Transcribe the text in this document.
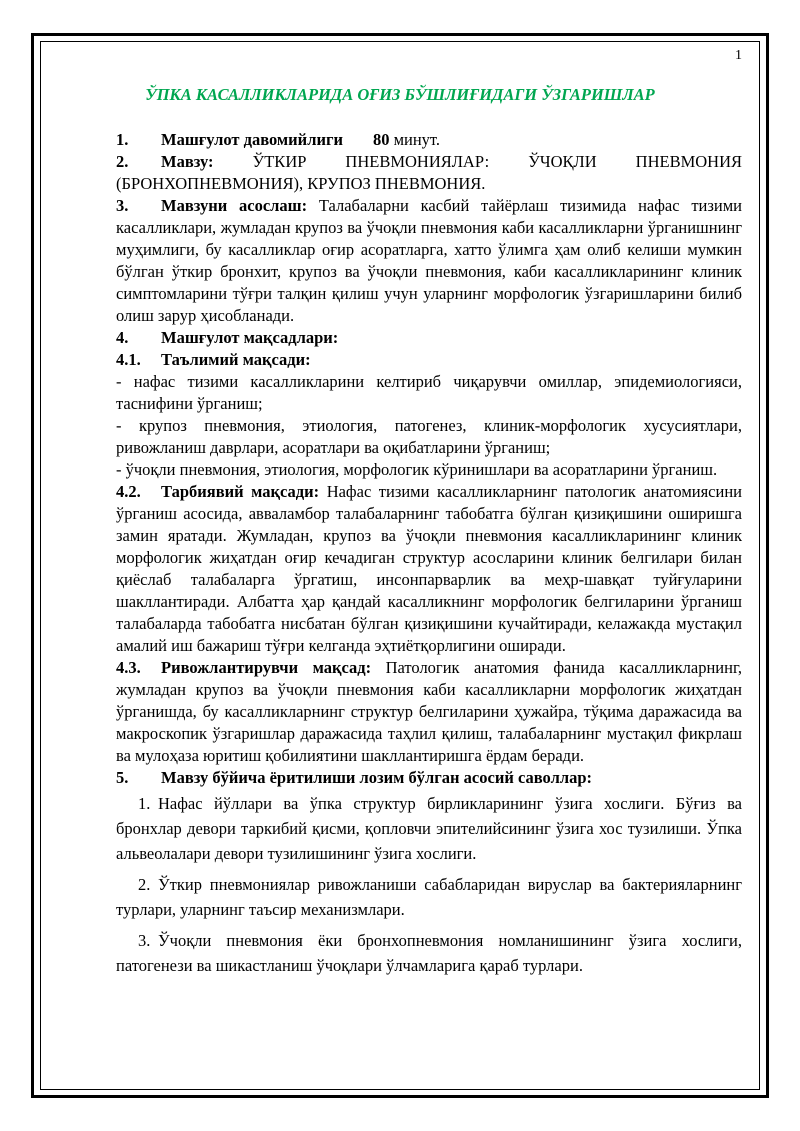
1
ЎПКА КАСАЛЛИКЛАРИДА ОҒИЗ БЎШЛИҒИДАГИ ЎЗГАРИШЛАР

1. Машғулот давомийлиги 80 минут.

2. Мавзу: ЎТКИР ПНЕВМОНИЯЛАР: ЎЧОҚЛИ ПНЕВМОНИЯ (БРОНХОПНЕВМОНИЯ), КРУПОЗ ПНЕВМОНИЯ.

3. Мавзуни асослаш: Талабаларни касбий тайёрлаш тизимида нафас тизими касалликлари, жумладан крупоз ва ўчоқли пневмония каби касалликларни ўрганишнинг муҳимлиги, бу касалликлар оғир асоратларга, хатто ўлимга ҳам олиб келиши мумкин бўлган ўткир бронхит, крупоз ва ўчоқли пневмония, каби касалликларининг клиник симптомларини тўғри талқин қилиш учун уларнинг морфологик ўзгаришларини билиб олиш зарур ҳисобланади.

4. Машғулот мақсадлари:

4.1. Таълимий мақсади:

- нафас тизими касалликларини келтириб чиқарувчи омиллар, эпидемиологияси, таснифини ўрганиш;

- крупоз пневмония, этиология, патогенез, клиник-морфологик хусусиятлари, ривожланиш даврлари, асоратлари ва оқибатларини ўрганиш;

- ўчоқли пневмония, этиология, морфологик кўринишлари ва асоратларини ўрганиш.

4.2. Тарбиявий мақсади: Нафас тизими касалликларнинг патологик анатомиясини ўрганиш асосида, авваламбор талабаларнинг табобатга бўлган қизиқишини оширишга замин яратади. Жумладан, крупоз ва ўчоқли пневмония касалликларининг клиник морфологик жиҳатдан оғир кечадиган структур асосларини клиник белгилари билан қиёслаб талабаларга ўргатиш, инсонпарварлик ва меҳр-шавқат туйғуларини шакллантиради. Албатта ҳар қандай касалликнинг морфологик белгиларини ўрганиш талабаларда табобатга нисбатан бўлган қизиқишини кучайтиради, келажакда мустақил амалий иш бажариш тўғри келганда эҳтиётқорлигини оширади.

4.3. Ривожлантирувчи мақсад: Патологик анатомия фанида касалликларнинг, жумладан крупоз ва ўчоқли пневмония каби касалликларни морфологик жиҳатдан ўрганишда, бу касалликларнинг структур белгиларини ҳужайра, тўқима даражасида ва макроскопик ўзгаришлар даражасида таҳлил қилиш, талабаларнинг мустақил фикрлаш ва мулоҳаза юритиш қобилиятини шакллантиришга ёрдам беради.

5. Мавзу бўйича ёритилиши лозим бўлган асосий саволлар:

1. Нафас йўллари ва ўпка структур бирликларининг ўзига хослиги. Бўғиз ва бронхлар девори таркибий қисми, қопловчи эпителийсининг ўзига хос тузилиши. Ўпка альвеолалари девори тузилишининг ўзига хослиги.

2. Ўткир пневмониялар ривожланиши сабабларидан вируслар ва бактерияларнинг турлари, уларнинг таъсир механизмлари.

3. Ўчоқли пневмония ёки бронхопневмония номланишининг ўзига хослиги, патогенези ва шикастланиш ўчоқлари ўлчамларига қараб турлари.
